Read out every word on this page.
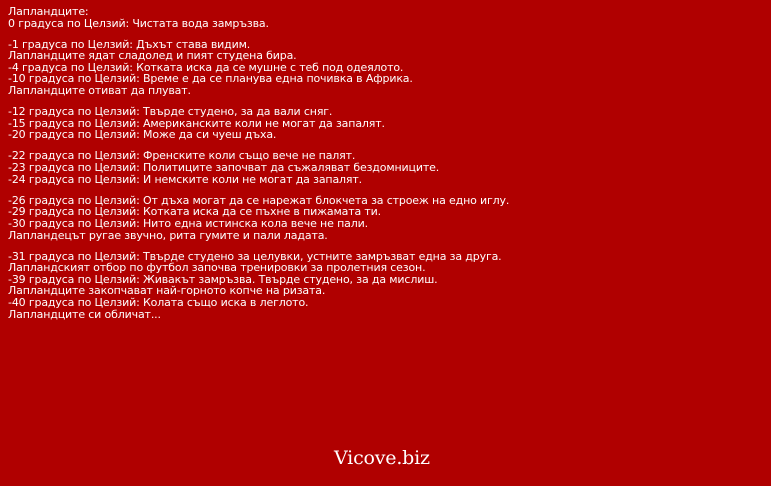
Лапландците:
0 градуса по Целзий: Чистата вода замръзва.
-1 градуса по Целзий: Дъхът става видим.
Лапландците ядат сладолед и пият студена бира.
-4 градуса по Целзий: Котката иска да се мушне с теб под одеялото.
-10 градуса по Целзий: Време е да се планува една почивка в Африка.
Лапландците отиват да плуват.
-12 градуса по Целзий: Твърде студено, за да вали сняг.
-15 градуса по Целзий: Американските коли не могат да запалят.
-20 градуса по Целзий: Може да си чуеш дъха.
-22 градуса по Целзий: Френските коли също вече не палят.
-23 градуса по Целзий: Политиците започват да съжаляват бездомниците.
-24 градуса по Целзий: И немските коли не могат да запалят.
-26 градуса по Целзий: От дъха могат да се нарежат блокчета за строеж на едно иглу.
-29 градуса по Целзий: Котката иска да се пъхне в пижамата ти.
-30 градуса по Целзий: Нито една истинска кола вече не пали.
Лапландецът ругае звучно, рита гумите и пали ладата.
-31 градуса по Целзий: Твърде студено за целувки, устните замръзват една за друга.
Лапландският отбор по футбол започва тренировки за пролетния сезон.
-39 градуса по Целзий: Живакът замръзва. Твърде студено, за да мислиш.
Лапландците закопчават най-горното копче на ризата.
-40 градуса по Целзий: Колата също иска в леглото.
Лапландците си обличат...
Vicove.biz
